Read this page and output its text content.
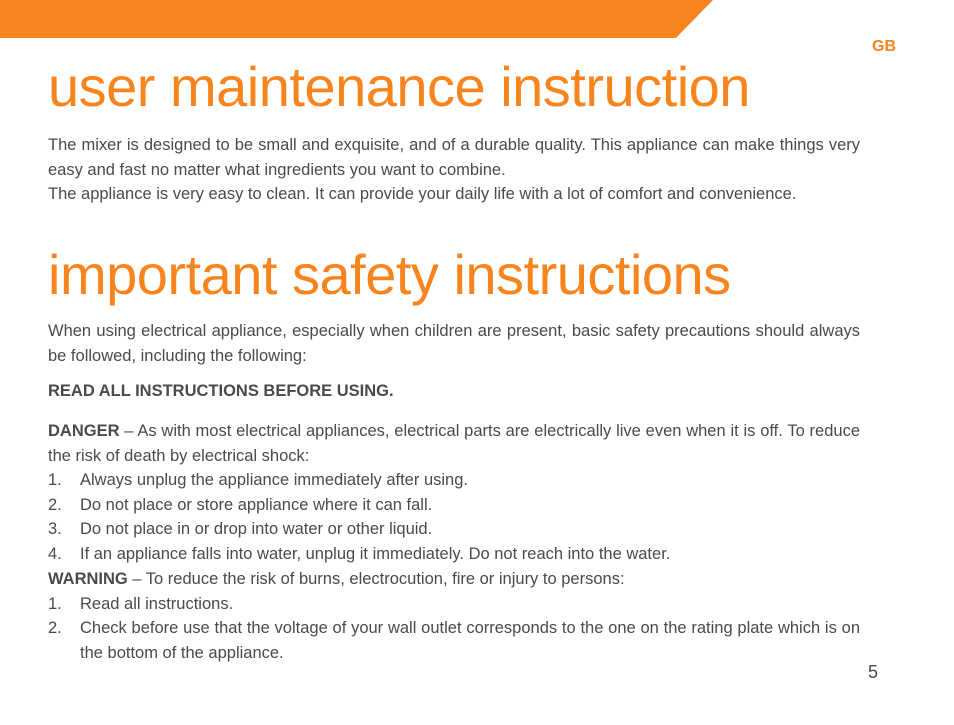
GB
user maintenance instruction

The mixer is designed to be small and exquisite, and of a durable quality. This appliance can make things very easy and fast no matter what ingredients you want to combine.

The appliance is very easy to clean. It can provide your daily life with a lot of comfort and convenience.

important safety instructions

When using electrical appliance, especially when children are present, basic safety precautions should always be followed, including the following:

READ ALL INSTRUCTIONS BEFORE USING.

DANGER – As with most electrical appliances, electrical parts are electrically live even when it is off. To reduce the risk of death by electrical shock:

1. Always unplug the appliance immediately after using.
2. Do not place or store appliance where it can fall.
3. Do not place in or drop into water or other liquid.
4. If an appliance falls into water, unplug it immediately. Do not reach into the water.

WARNING – To reduce the risk of burns, electrocution, fire or injury to persons:

1. Read all instructions.
2. Check before use that the voltage of your wall outlet corresponds to the one on the rating plate which is on the bottom of the appliance.
5
